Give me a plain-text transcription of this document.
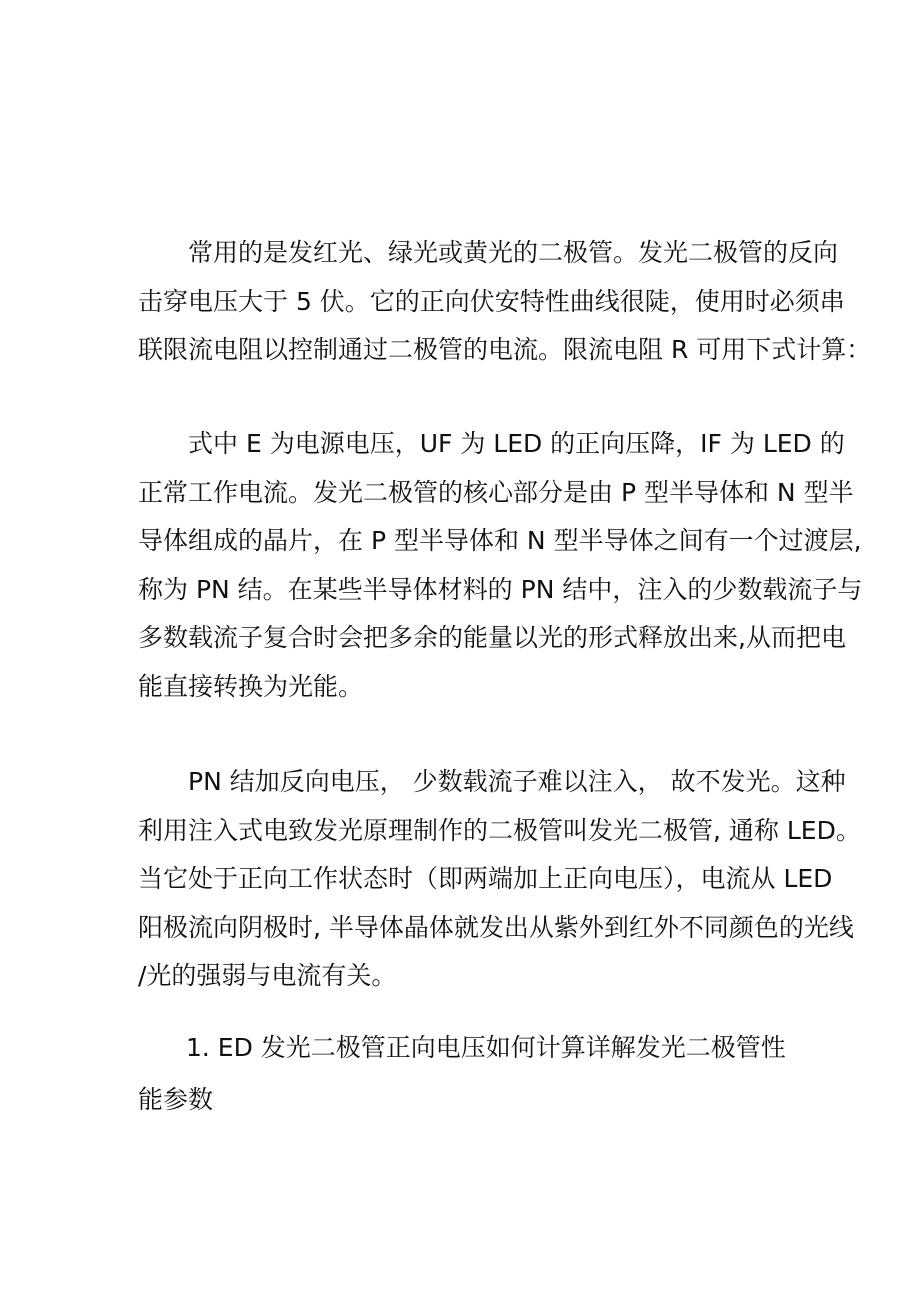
常用的是发红光、绿光或黄光的二极管。发光二极管的反向
击穿电压大于 5 伏。它的正向伏安特性曲线很陡，使用时必须串
联限流电阻以控制通过二极管的电流。限流电阻 R 可用下式计算：
式中 E 为电源电压，UF 为 LED 的正向压降，IF 为 LED 的
正常工作电流。发光二极管的核心部分是由 P 型半导体和 N 型半
导体组成的晶片，在 P 型半导体和 N 型半导体之间有一个过渡层,
称为 PN 结。在某些半导体材料的 PN 结中，注入的少数载流子与
多数载流子复合时会把多余的能量以光的形式释放出来,从而把电
能直接转换为光能。
PN 结加反向电压， 少数载流子难以注入， 故不发光。这种
利用注入式电致发光原理制作的二极管叫发光二极管, 通称 LED。
当它处于正向工作状态时（即两端加上正向电压），电流从 LED
阳极流向阴极时, 半导体晶体就发出从紫外到红外不同颜色的光线
/光的强弱与电流有关。
1. ED 发光二极管正向电压如何计算详解发光二极管性
能参数
